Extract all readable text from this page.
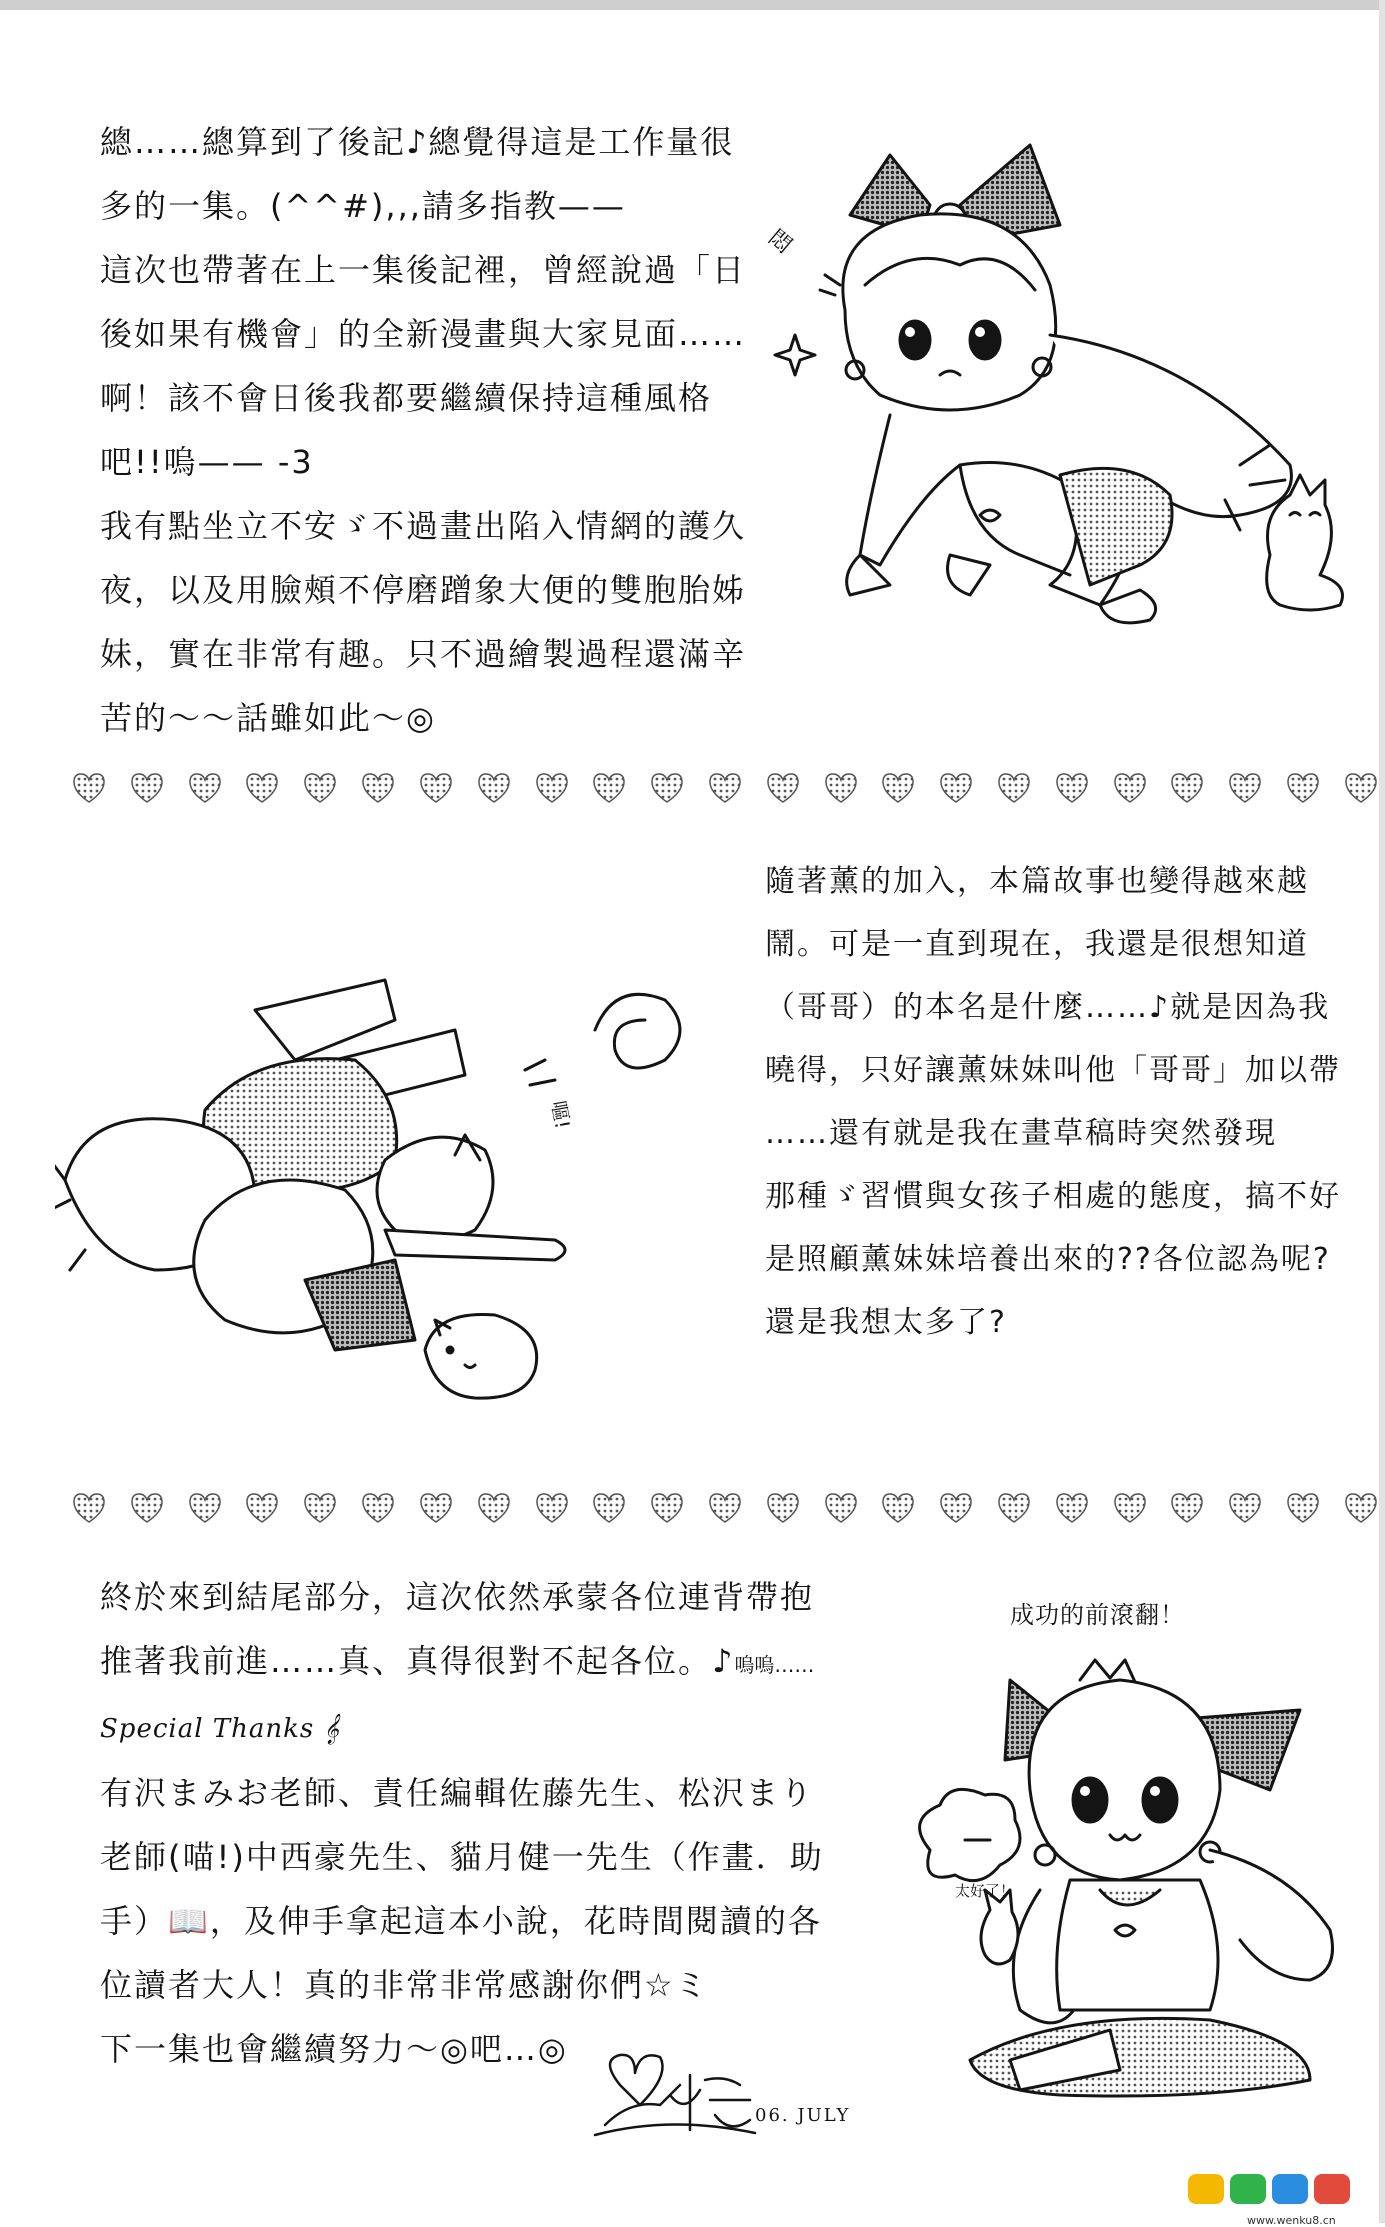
總……總算到了後記♪總覺得這是工作量很

多的一集。(^^#),,,請多指教——

這次也帶著在上一集後記裡，曾經說過「日

後如果有機會」的全新漫畫與大家見面……

啊！該不會日後我都要繼續保持這種風格

吧!!嗚—— -3

我有點坐立不安ゞ不過畫出陷入情網的護久

夜，以及用臉頰不停磨蹭象大便的雙胞胎姊

妹，實在非常有趣。只不過繪製過程還滿辛

苦的～～話雖如此～◎

悶

嘔!

隨著薰的加入，本篇故事也變得越來越

鬧。可是一直到現在，我還是很想知道

（哥哥）的本名是什麼……♪就是因為我

曉得，只好讓薰妹妹叫他「哥哥」加以帶

……還有就是我在畫草稿時突然發現

那種ゞ習慣與女孩子相處的態度，搞不好

是照顧薰妹妹培養出來的??各位認為呢?

還是我想太多了?

終於來到結尾部分，這次依然承蒙各位連背帶抱

推著我前進……真、真得很對不起各位。♪嗚嗚……

Special Thanks 𝄞

有沢まみお老師、責任編輯佐藤先生、松沢まり

老師(喵!)中西豪先生、貓月健一先生（作畫．助

手）📖，及伸手拿起這本小說，花時間閱讀的各

位讀者大人！真的非常非常感謝你們☆ミ

下一集也會繼續努力～◎吧…◎

成功的前滾翻！

太好了！

06. JULY

www.wenku8.cn
